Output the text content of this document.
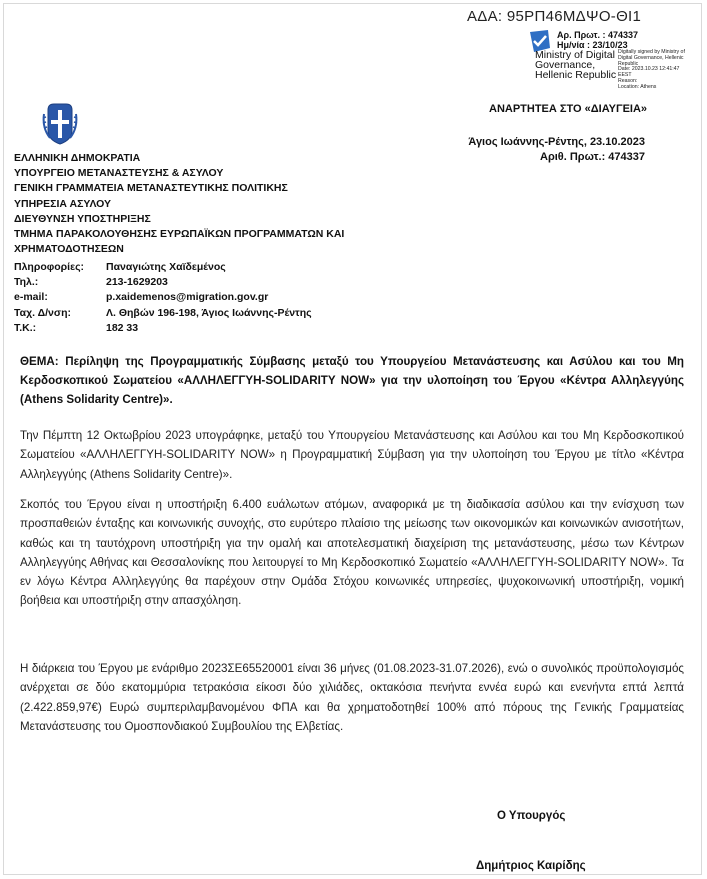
ΑΔΑ: 95ΡΠ46ΜΔΨΟ-ΘΙ1
Αρ. Πρωτ. : 474337
Ημ/νία : 23/10/23
Ministry of Digital
Governance,
Hellenic Republic
Digitally signed by Ministry of
Digital Governance, Hellenic
Republic
Date: 2023.10.23 12:41:47
EEST
Reason:
Location: Athens
ΑΝΑΡΤΗΤΕΑ ΣΤΟ «ΔΙΑΥΓΕΙΑ»
Άγιος Ιωάννης-Ρέντης, 23.10.2023
Αριθ. Πρωτ.: 474337
ΕΛΛΗΝΙΚΗ ΔΗΜΟΚΡΑΤΙΑ
ΥΠΟΥΡΓΕΙΟ ΜΕΤΑΝΑΣΤΕΥΣΗΣ & ΑΣΥΛΟΥ
ΓΕΝΙΚΗ ΓΡΑΜΜΑΤΕΙΑ ΜΕΤΑΝΑΣΤΕΥΤΙΚΗΣ ΠΟΛΙΤΙΚΗΣ
ΥΠΗΡΕΣΙΑ ΑΣΥΛΟΥ
ΔΙΕΥΘΥΝΣΗ ΥΠΟΣΤΗΡΙΞΗΣ
ΤΜΗΜΑ ΠΑΡΑΚΟΛΟΥΘΗΣΗΣ ΕΥΡΩΠΑΪΚΩΝ ΠΡΟΓΡΑΜΜΑΤΩΝ ΚΑΙ
ΧΡΗΜΑΤΟΔΟΤΗΣΕΩΝ
Πληροφορίες:	Παναγιώτης Χαϊδεμένος
Τηλ.:	213-1629203
e-mail:	p.xaidemenos@migration.gov.gr
Ταχ. Δ/νση:	Λ. Θηβών 196-198, Άγιος Ιωάννης-Ρέντης
Τ.Κ.:	182 33
ΘΕΜΑ: Περίληψη της Προγραμματικής Σύμβασης μεταξύ του Υπουργείου Μετανάστευσης και Ασύλου και του Μη Κερδοσκοπικού Σωματείου «ΑΛΛΗΛΕΓΓΥΗ-SOLIDARITY NOW» για την υλοποίηση του Έργου «Κέντρα Αλληλεγγύης (Athens Solidarity Centre)».
Την Πέμπτη 12 Οκτωβρίου 2023 υπογράφηκε, μεταξύ του Υπουργείου Μετανάστευσης και Ασύλου και του Μη Κερδοσκοπικού Σωματείου «ΑΛΛΗΛΕΓΓΥΗ-SOLIDARITY NOW» η Προγραμματική Σύμβαση για την υλοποίηση του Έργου με τίτλο «Κέντρα Αλληλεγγύης (Athens Solidarity Centre)».
Σκοπός του Έργου είναι η υποστήριξη 6.400 ευάλωτων ατόμων, αναφορικά με τη διαδικασία ασύλου και την ενίσχυση των προσπαθειών ένταξης και κοινωνικής συνοχής, στο ευρύτερο πλαίσιο της μείωσης των οικονομικών και κοινωνικών ανισοτήτων, καθώς και τη ταυτόχρονη υποστήριξη για την ομαλή και αποτελεσματική διαχείριση της μετανάστευσης, μέσω των Κέντρων Αλληλεγγύης Αθήνας και Θεσσαλονίκης που λειτουργεί το Μη Κερδοσκοπικό Σωματείο «ΑΛΛΗΛΕΓΓΥΗ-SOLIDARITY NOW». Τα εν λόγω Κέντρα Αλληλεγγύης θα παρέχουν στην Ομάδα Στόχου κοινωνικές υπηρεσίες, ψυχοκοινωνική υποστήριξη, νομική βοήθεια και υποστήριξη στην απασχόληση.
Η διάρκεια του Έργου με ενάριθμο 2023ΣΕ65520001 είναι 36 μήνες (01.08.2023-31.07.2026), ενώ ο συνολικός προϋπολογισμός ανέρχεται σε δύο εκατομμύρια τετρακόσια είκοσι δύο χιλιάδες, οκτακόσια πενήντα εννέα ευρώ και ενενήντα επτά λεπτά (2.422.859,97€) Ευρώ συμπεριλαμβανομένου ΦΠΑ και θα χρηματοδοτηθεί 100% από πόρους της Γενικής Γραμματείας Μετανάστευσης του Ομοσπονδιακού Συμβουλίου της Ελβετίας.
Ο Υπουργός
Δημήτριος Καιρίδης
